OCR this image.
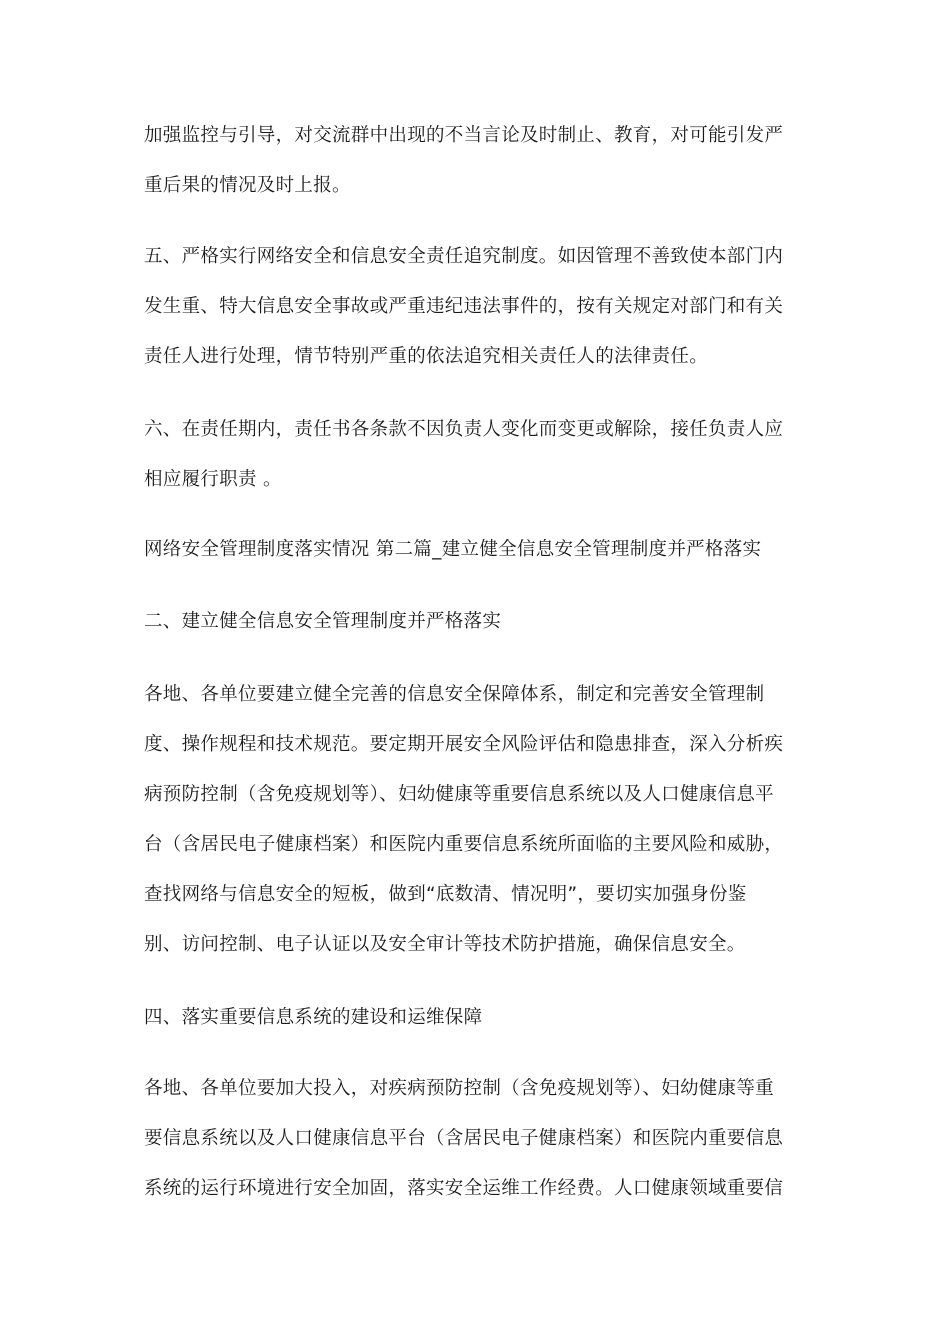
加强监控与引导，对交流群中出现的不当言论及时制止、教育，对可能引发严
重后果的情况及时上报。
五、严格实行网络安全和信息安全责任追究制度。如因管理不善致使本部门内
发生重、特大信息安全事故或严重违纪违法事件的，按有关规定对部门和有关
责任人进行处理，情节特别严重的依法追究相关责任人的法律责任。
六、在责任期内，责任书各条款不因负责人变化而变更或解除，接任负责人应
相应履行职责 。
网络安全管理制度落实情况 第二篇_建立健全信息安全管理制度并严格落实
二、建立健全信息安全管理制度并严格落实
各地、各单位要建立健全完善的信息安全保障体系，制定和完善安全管理制
度、操作规程和技术规范。要定期开展安全风险评估和隐患排查，深入分析疾
病预防控制（含免疫规划等）、妇幼健康等重要信息系统以及人口健康信息平
台（含居民电子健康档案）和医院内重要信息系统所面临的主要风险和威胁，
查找网络与信息安全的短板，做到“底数清、情况明”，要切实加强身份鉴
别、访问控制、电子认证以及安全审计等技术防护措施，确保信息安全。
四、落实重要信息系统的建设和运维保障
各地、各单位要加大投入，对疾病预防控制（含免疫规划等）、妇幼健康等重
要信息系统以及人口健康信息平台（含居民电子健康档案）和医院内重要信息
系统的运行环境进行安全加固，落实安全运维工作经费。人口健康领域重要信
